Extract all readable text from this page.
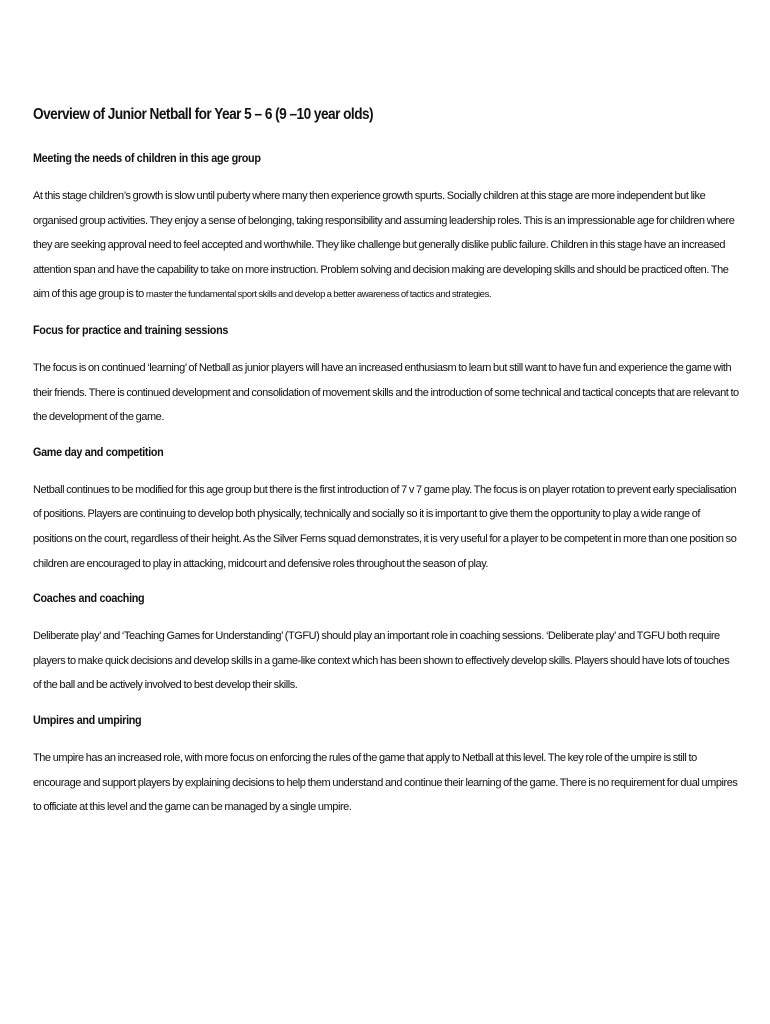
Overview of Junior Netball for Year 5 – 6 (9 –10 year olds)
Meeting the needs of children in this age group

At this stage children’s growth is slow until puberty where many then experience growth spurts. Socially children at this stage are more independent but like organised group activities. They enjoy a sense of belonging, taking responsibility and assuming leadership roles. This is an impressionable age for children where they are seeking approval need to feel accepted and worthwhile. They like challenge but generally dislike public failure. Children in this stage have an increased attention span and have the capability to take on more instruction. Problem solving and decision making are developing skills and should be practiced often. The aim of this age group is to master the fundamental sport skills and develop a better awareness of tactics and strategies.

Focus for practice and training sessions

The focus is on continued ‘learning’ of Netball as junior players will have an increased enthusiasm to learn but still want to have fun and experience the game with their friends. There is continued development and consolidation of movement skills and the introduction of some technical and tactical concepts that are relevant to the development of the game.

Game day and competition

Netball continues to be modified for this age group but there is the first introduction of 7 v 7 game play. The focus is on player rotation to prevent early specialisation of positions. Players are continuing to develop both physically, technically and socially so it is important to give them the opportunity to play a wide range of positions on the court, regardless of their height. As the Silver Ferns squad demonstrates, it is very useful for a player to be competent in more than one position so children are encouraged to play in attacking, midcourt and defensive roles throughout the season of play.

Coaches and coaching

Deliberate play’ and ‘Teaching Games for Understanding’ (TGFU) should play an important role in coaching sessions. ‘Deliberate play’ and TGFU both require players to make quick decisions and develop skills in a game-like context which has been shown to effectively develop skills. Players should have lots of touches of the ball and be actively involved to best develop their skills.

Umpires and umpiring

The umpire has an increased role, with more focus on enforcing the rules of the game that apply to Netball at this level. The key role of the umpire is still to encourage and support players by explaining decisions to help them understand and continue their learning of the game. There is no requirement for dual umpires to officiate at this level and the game can be managed by a single umpire.
